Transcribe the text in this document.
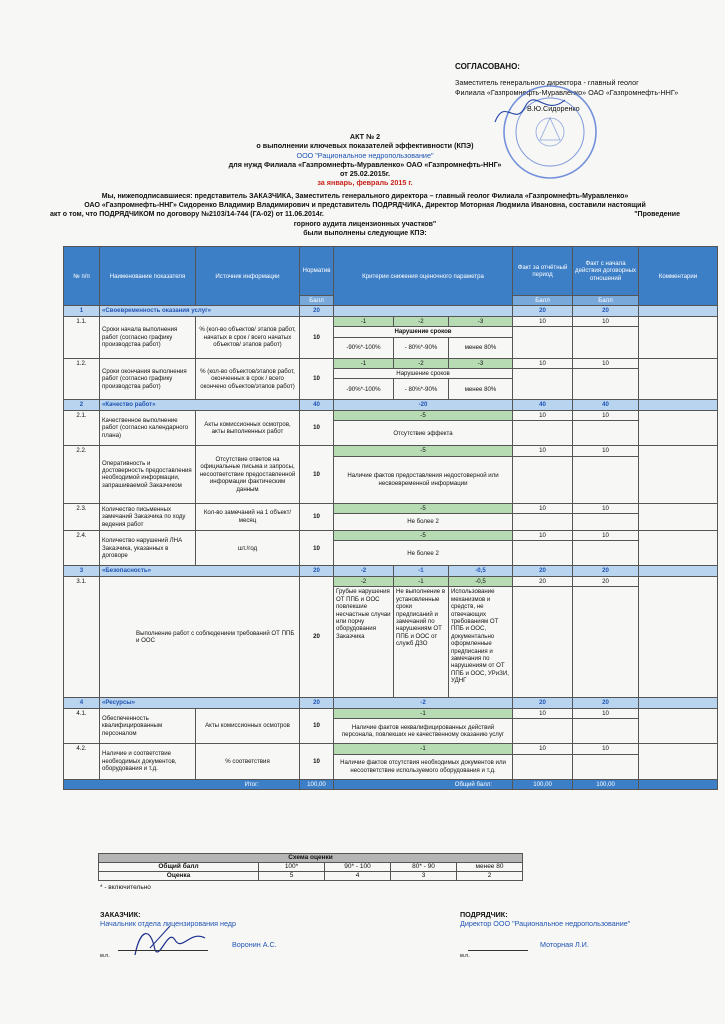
СОГЛАСОВАНО:
Заместитель генерального директора - главный геолог
Филиала «Газпромнефть-Муравленко» ОАО «Газпромнефть-ННГ»
В.Ю.Сидоренко
АКТ № 2
о выполнении ключевых показателей эффективности (КПЭ)
ООО "Рациональное недропользование"
для нужд Филиала «Газпромнефть-Муравленко» ОАО «Газпромнефть-ННГ»
от 25.02.2015г.
за январь, февраль 2015 г.
Мы, нижеподписавшиеся: представитель ЗАКАЗЧИКА, Заместитель генерального директора – главный геолог Филиала «Газпромнефть-Муравленко»
ОАО «Газпромнефть-ННГ» Сидоренко Владимир Владимирович и представитель ПОДРЯДЧИКА, Директор Моторная Людмила Ивановна, составили настоящий
акт о том, что ПОДРЯДЧИКОМ по договору №2103/14-744 (ГА-02) от 11.06.2014г.	"Проведение
горного аудита лицензионных участков"
были выполнены следующие КПЭ:
№ п/п	Наименование показателя	Источник информации	Норматив	Критерии снижения оценочного параметра			Факт за отчётный период	Факт с начала действия договорных отношений	Комментарии
			Балл				Балл	Балл	
1	«Своевременность оказания услуг»		20				20	20	
1.1.	Сроки начала выполнения работ (согласно графику производства работ)	% (кол-во объектов/ этапов работ, начатых в срок / всего начатых объектов/ этапов работ)	10	-1	-2	-3	10	10	
				Нарушение сроков					
				-90%*-100%	- 80%*-90%	менее 80%			
1.2.	Сроки окончания выполнения работ (согласно графику производства работ)	% (кол-во объектов/этапов работ, оконченных в срок / всего окончено объектов/этапов работ)	10	-1	-2	-3	10	10	
				Нарушение сроков					
				-90%*-100%	- 80%*-90%	менее 80%			
2	«Качество работ»		40	-20			40	40	
2.1.	Качественное выполнение работ (согласно календарного плана)	Акты комиссионных осмотров, акты выполненных работ	10	-5			10	10	
				Отсутствие эффекта					
2.2.	Оперативность и достоверность предоставления необходимой информации, запрашиваемой Заказчиком	Отсутствие ответов на официальные письма и запросы, несоответствие предоставленной информации фактическим данным	10	-5			10	10	
				Наличие фактов предоставления недостоверной или несвоевременной информации					
2.3.	Количество письменных замечаний Заказчика по ходу ведения работ	Кол-во замечаний на 1 объект/месяц	10	-5			10	10	
				Не более 2					
2.4.	Количество нарушений ЛНА Заказчика, указанных в договоре	шт./год	10	-5			10	10	
				Не более 2					
3	«Безопасность»		20	-2	-1	-0,5	20	20	
3.1.	Выполнение работ с соблюдением требований ОТ ППБ и ООС		20	-2	-1	-0,5	20	20	
				Грубые нарушения ОТ ППБ и ООС повлекшие несчастные случаи или порчу оборудования Заказчика	Не выполнение в установленные сроки предписаний и замечаний по нарушениям ОТ ППБ и ООС от служб ДЗО	Использование механизмов и средств, не отвечающих требованиям ОТ ППБ и ООС, документально оформленные предписания и замечания по нарушениям от ОТ ППБ и ООС, УРиЗИ, УДНГ			
4	«Ресурсы»		20	-2			20	20	
4.1.	Обеспеченность квалифицированным персоналом	Акты комиссионных осмотров	10	-1			10	10	
				Наличие фактов неквалифицированных действий персонала, повлекших не качественному оказанию услуг					
4.2.	Наличие и соответствие необходимых документов, оборудования и т.д.	% соответствия	10	-1			10	10	
				Наличие фактов отсутствия необходимых документов или несоответствие используемого оборудования и т.д.					
Итог:			100,00	Общий балл:			100,00	100,00	
Схема оценки				
Общий балл	100*	90* - 100	80* - 90	менее 80
Оценка	5	4	3	2
* - включительно
ЗАКАЗЧИК:
Начальник отдела лицензирования недр
Воронин А.С.
м.п.
ПОДРЯДЧИК:
Директор ООО "Рациональное недропользование"
Моторная Л.И.
м.п.
